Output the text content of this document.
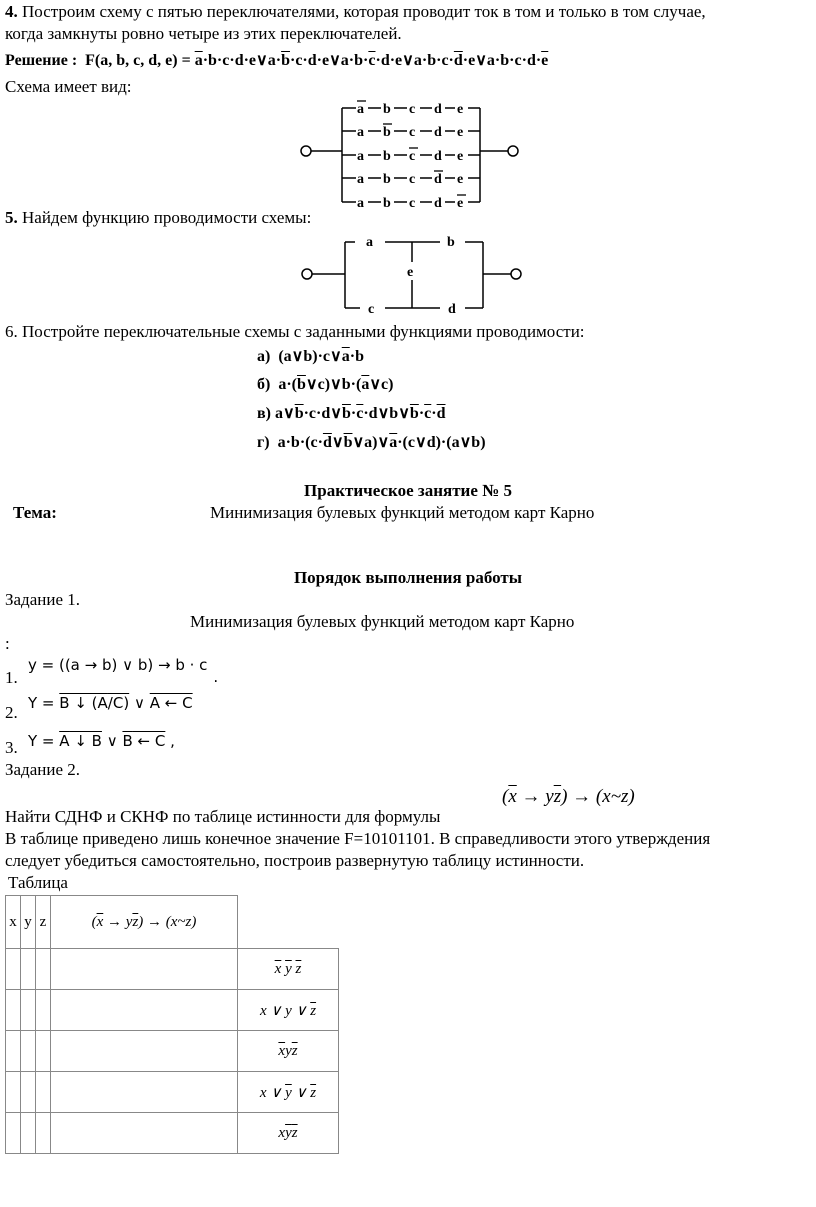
4. Построим схему с пятью переключателями, которая проводит ток в том и только в том случае,
когда замкнуты ровно четыре из этих переключателей.
Решение : F(a, b, c, d, $e) = \overline{a}\cdot b\cdot c\cdot d\cdot e\vee a\cdot\overline{b}\cdot c\cdot d\cdot e\vee a\cdot b\cdot\overline{c}\cdot d\cdot e\vee a\cdot b\cdot c\cdot\overline{d}\cdot e\vee a\cdot b\cdot c\cdot d\cdot\overline{e}$
Схема имеет вид:
a b c d e
a b c d e
a b c d e
a b c d e
a b c d e
5. Найдем функцию проводимости схемы:
a	b
e
c	d
6. Постройте переключательные схемы с заданными функциями проводимости:
а)  $(a\vee b)\cdot c\vee\overline{a}\cdot b$
б)  $a\cdot(\overline{b}\vee c)\vee b\cdot(\overline{a}\vee c)$
в) $a\vee\overline{b}\cdot c\cdot d\vee\overline{b}\cdot\overline{c}\cdot d\vee b\vee\overline{b}\cdot\overline{c}\cdot\overline{d}$
г)  $a\cdot b\cdot(c\cdot\overline{d}\vee\overline{b}\vee a)\vee\overline{a}\cdot(c\vee d)\cdot(a\vee b)$
Практическое занятие № 5
Тема:	Минимизация булевых функций методом карт Карно
Порядок выполнения работы
Задание 1.
Минимизация булевых функций методом карт Карно
:
1.
y = ((a → b) ∨ b) → b · c.
2. Y = B ↓ (A/C) ∨ A ← C
3. Y = A ↓ B ∨ B ← C ,
Задание 2.
Найти СДНФ и СКНФ по таблице истинности для формулы
$(\overline{x} \to y\overline{z})$ → (x~z)
В таблице приведено лишь конечное значение F=10101101. В справедливости этого утверждения
следует убедиться самостоятельно, построив развернутую таблицу истинности.
Таблица
x	y	z	$(\overline{x} \to y\overline{z})$ → (x~z)	
				$\overline{x}$ $\overline{y}$ $\overline{z}$
				x ∨ y ∨ $\overline{z}$
				$\overline{x}y\overline{z}$
				x ∨ $\overline{y}$ ∨ $\overline{z}$
				$x\overline{y}\overline{z}$
